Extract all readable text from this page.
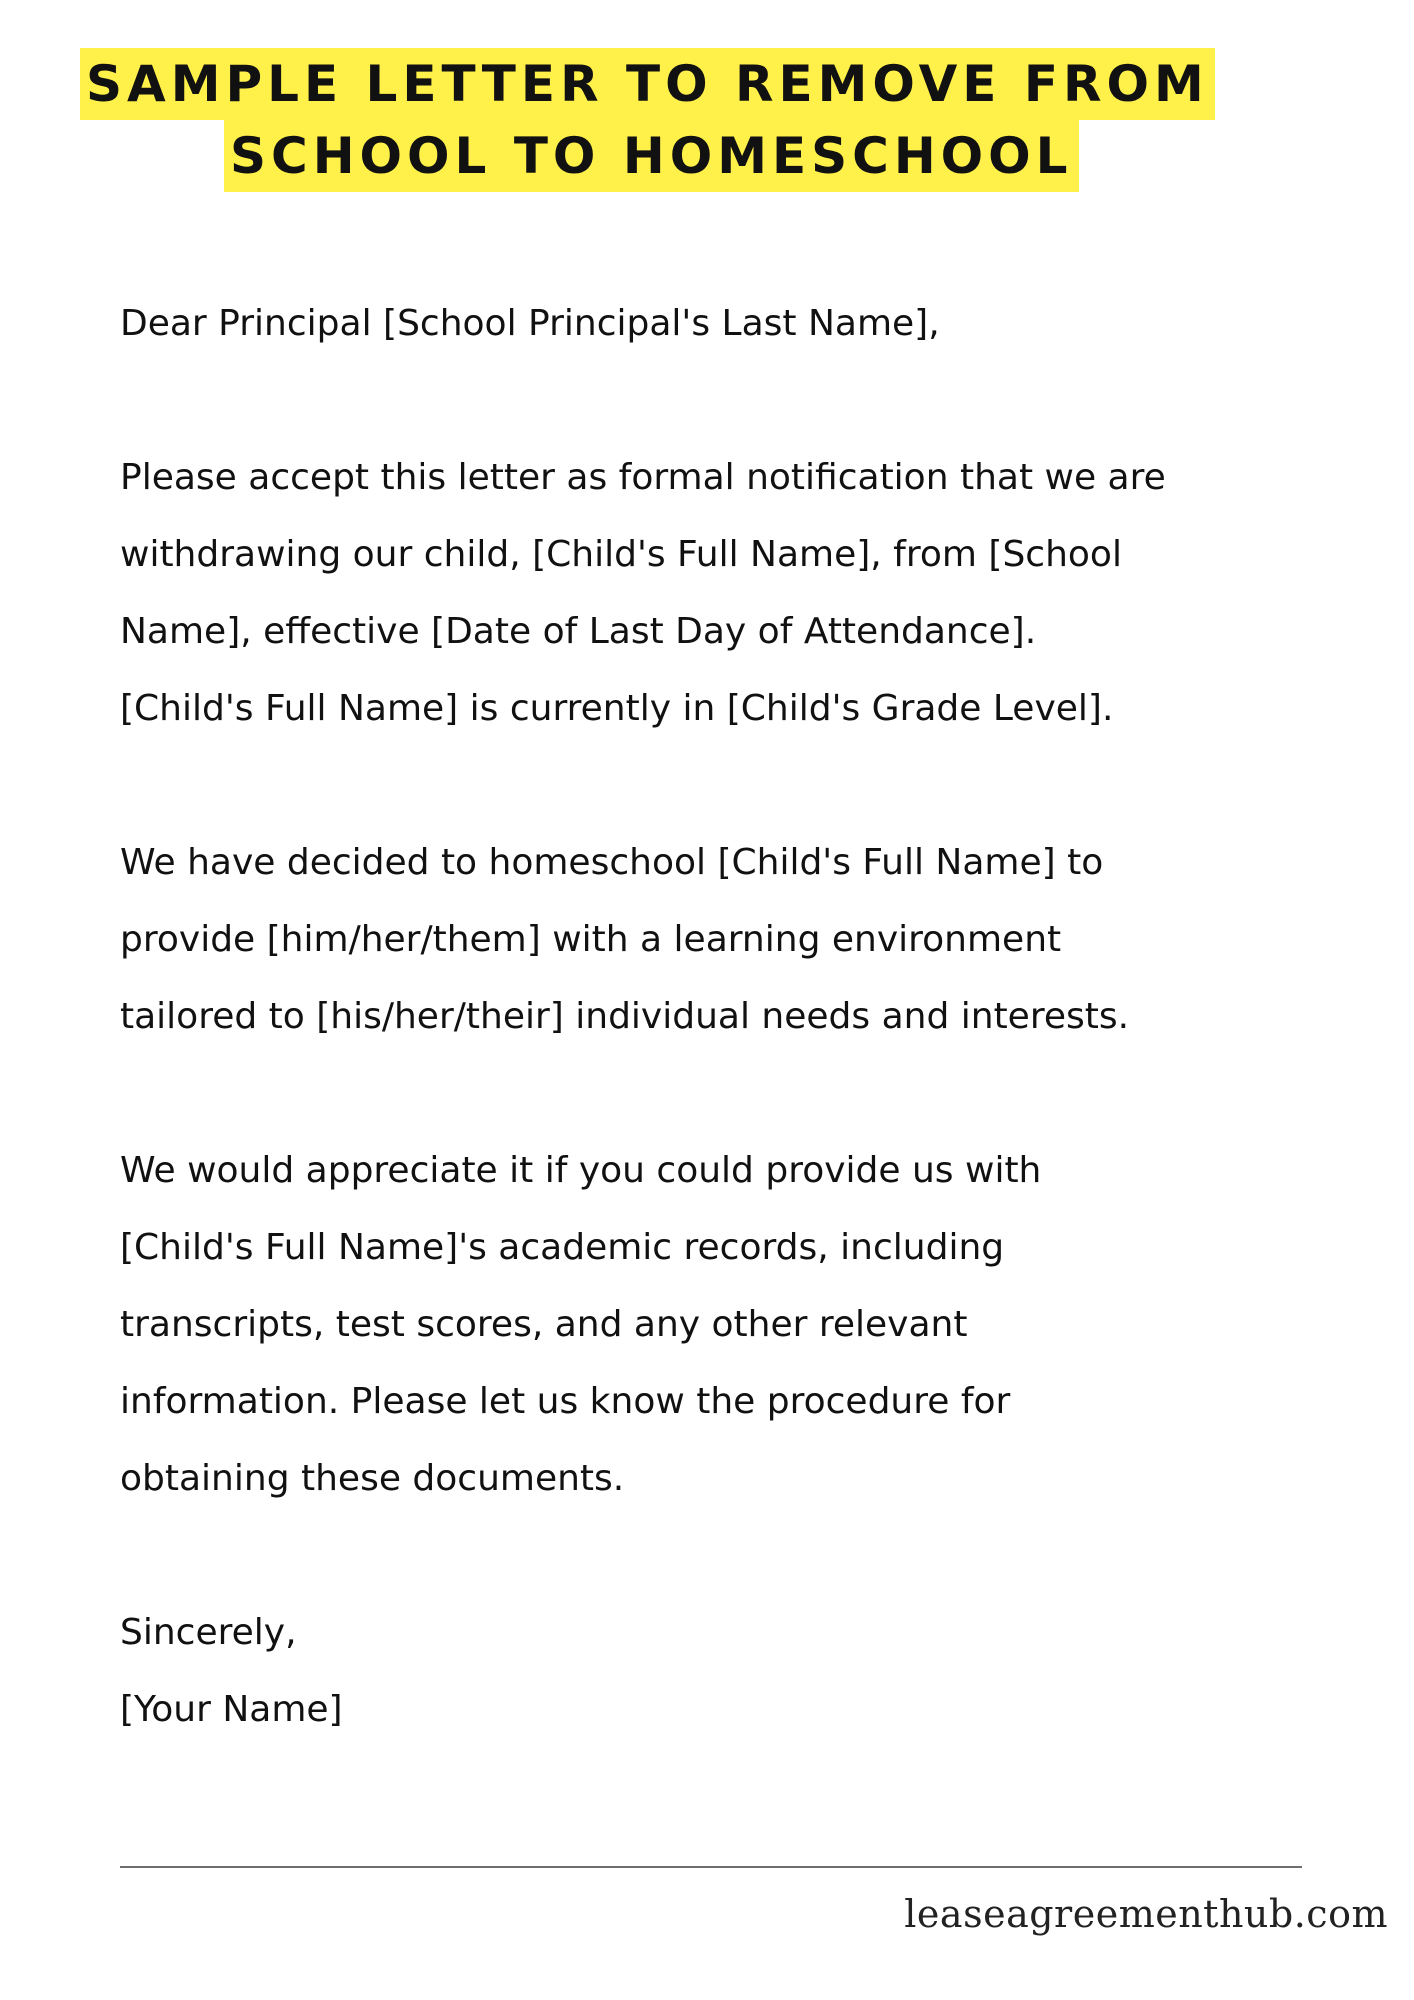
SAMPLE LETTER TO REMOVE FROM
SCHOOL TO HOMESCHOOL

Dear Principal [School Principal's Last Name],

Please accept this letter as formal notification that we are
withdrawing our child, [Child's Full Name], from [School
Name], effective [Date of Last Day of Attendance].
[Child's Full Name] is currently in [Child's Grade Level].

We have decided to homeschool [Child's Full Name] to
provide [him/her/them] with a learning environment
tailored to [his/her/their] individual needs and interests.

We would appreciate it if you could provide us with
[Child's Full Name]'s academic records, including
transcripts, test scores, and any other relevant
information. Please let us know the procedure for
obtaining these documents.

Sincerely,
[Your Name]

leaseagreementhub.com
